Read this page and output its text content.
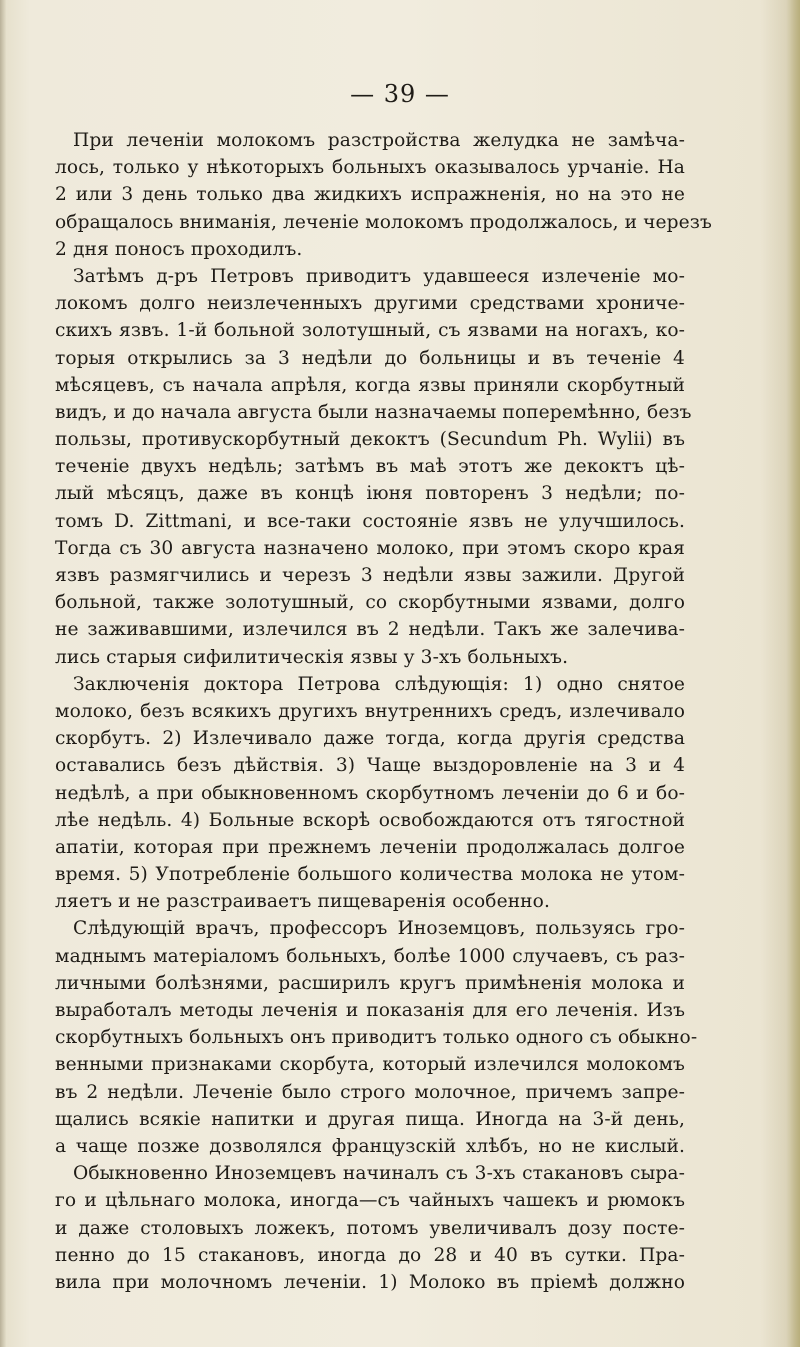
— 39 —
При леченіи молокомъ разстройства желудка не замѣча-
лось, только у нѣкоторыхъ больныхъ оказывалось урчаніе. На
2 или 3 день только два жидкихъ испражненія, но на это не
обращалось вниманія, леченіе молокомъ продолжалось, и черезъ
2 дня поносъ проходилъ.
Затѣмъ д-ръ Петровъ приводитъ удавшееся излеченіе мо-
локомъ долго неизлеченныхъ другими средствами хрониче-
скихъ язвъ. 1-й больной золотушный, съ язвами на ногахъ, ко-
торыя открылись за 3 недѣли до больницы и въ теченіе 4
мѣсяцевъ, съ начала апрѣля, когда язвы приняли скорбутный
видъ, и до начала августа были назначаемы поперемѣнно, безъ
пользы, противускорбутный декоктъ (Secundum Ph. Wylii) въ
теченіе двухъ недѣль; затѣмъ въ маѣ этотъ же декоктъ цѣ-
лый мѣсяцъ, даже въ концѣ іюня повторенъ 3 недѣли; по-
томъ D. Zittmani, и все-таки состояніе язвъ не улучшилось.
Тогда съ 30 августа назначено молоко, при этомъ скоро края
язвъ размягчились и черезъ 3 недѣли язвы зажили. Другой
больной, также золотушный, со скорбутными язвами, долго
не заживавшими, излечился въ 2 недѣли. Такъ же залечива-
лись старыя сифилитическія язвы у 3-хъ больныхъ.
Заключенія доктора Петрова слѣдующія: 1) одно снятое
молоко, безъ всякихъ другихъ внутреннихъ средъ, излечивало
скорбутъ. 2) Излечивало даже тогда, когда другія средства
оставались безъ дѣйствія. 3) Чаще выздоровленіе на 3 и 4
недѣлѣ, а при обыкновенномъ скорбутномъ леченіи до 6 и бо-
лѣе недѣль. 4) Больные вскорѣ освобождаются отъ тягостной
апатіи, которая при прежнемъ леченіи продолжалась долгое
время. 5) Употребленіе большого количества молока не утом-
ляетъ и не разстраиваетъ пищеваренія особенно.
Слѣдующій врачъ, профессоръ Иноземцовъ, пользуясь гро-
маднымъ матеріаломъ больныхъ, болѣе 1000 случаевъ, съ раз-
личными болѣзнями, расширилъ кругъ примѣненія молока и
выработалъ методы леченія и показанія для его леченія. Изъ
скорбутныхъ больныхъ онъ приводитъ только одного съ обыкно-
венными признаками скорбута, который излечился молокомъ
въ 2 недѣли. Леченіе было строго молочное, причемъ запре-
щались всякіе напитки и другая пища. Иногда на 3-й день,
а чаще позже дозволялся французскій хлѣбъ, но не кислый.
Обыкновенно Иноземцевъ начиналъ съ 3-хъ стакановъ сыра-
го и цѣльнаго молока, иногда—съ чайныхъ чашекъ и рюмокъ
и даже столовыхъ ложекъ, потомъ увеличивалъ дозу посте-
пенно до 15 стакановъ, иногда до 28 и 40 въ сутки. Пра-
вила при молочномъ леченіи. 1) Молоко въ пріемѣ должно
